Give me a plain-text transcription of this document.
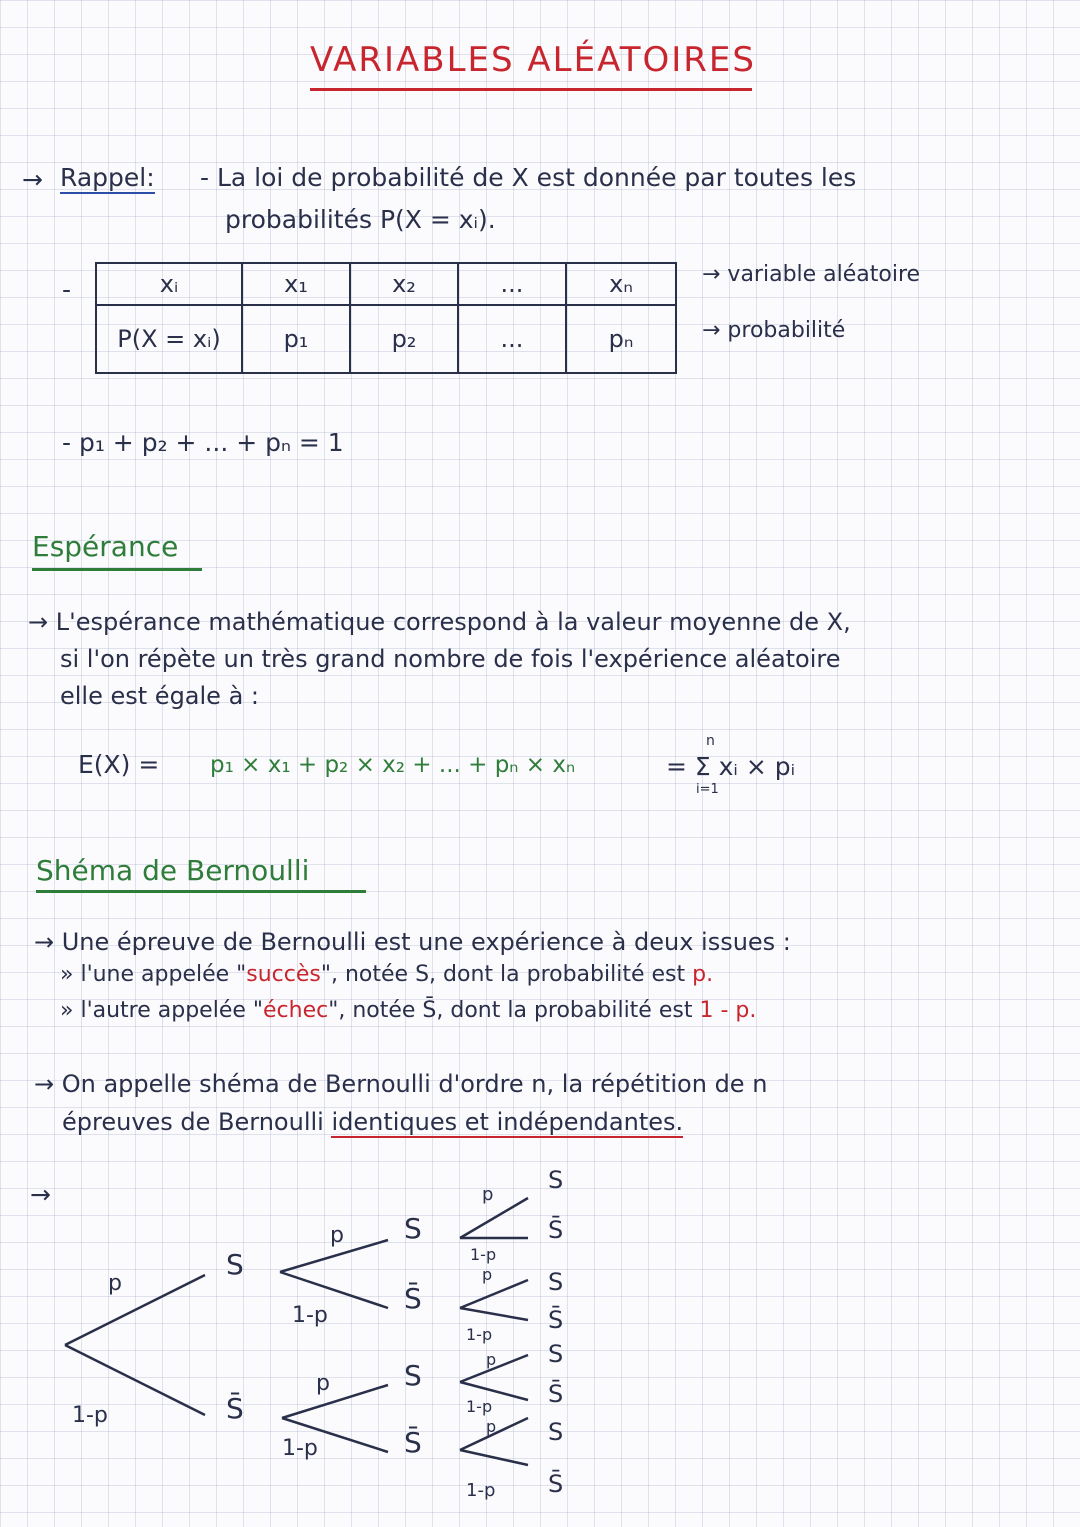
VARIABLES ALÉATOIRES
→ Rappel: - La loi de probabilité de X est donnée par toutes les
probabilités P(X = xᵢ).
-	xᵢ	x₁	x₂	...	xₙ
P(X = xᵢ)	p₁	p₂	...	pₙ
→ variable aléatoire
→ probabilité
- p₁ + p₂ + ... + pₙ = 1
Espérance
→ L'espérance mathématique correspond à la valeur moyenne de X,
si l'on répète un très grand nombre de fois l'expérience aléatoire
elle est égale à :
E(X) = p₁ × x₁ + p₂ × x₂ + ... + pₙ × xₙ
n
= Σ xᵢ × pᵢ
i=1
Shéma de Bernoulli
→ Une épreuve de Bernoulli est une expérience à deux issues :
» l'une appelée "succès", notée S, dont la probabilité est p.
» l'autre appelée "échec", notée S̄, dont la probabilité est 1 - p.
→ On appelle shéma de Bernoulli d'ordre n, la répétition de n
épreuves de Bernoulli identiques et indépendantes.
→
p
1-p
S
S̄
p
1-p
p
1-p
S
S̄
S
S̄
p
1-p
p
1-p
p
1-p
p
1-p
S
S̄
S
S̄
S
S̄
S
S̄
